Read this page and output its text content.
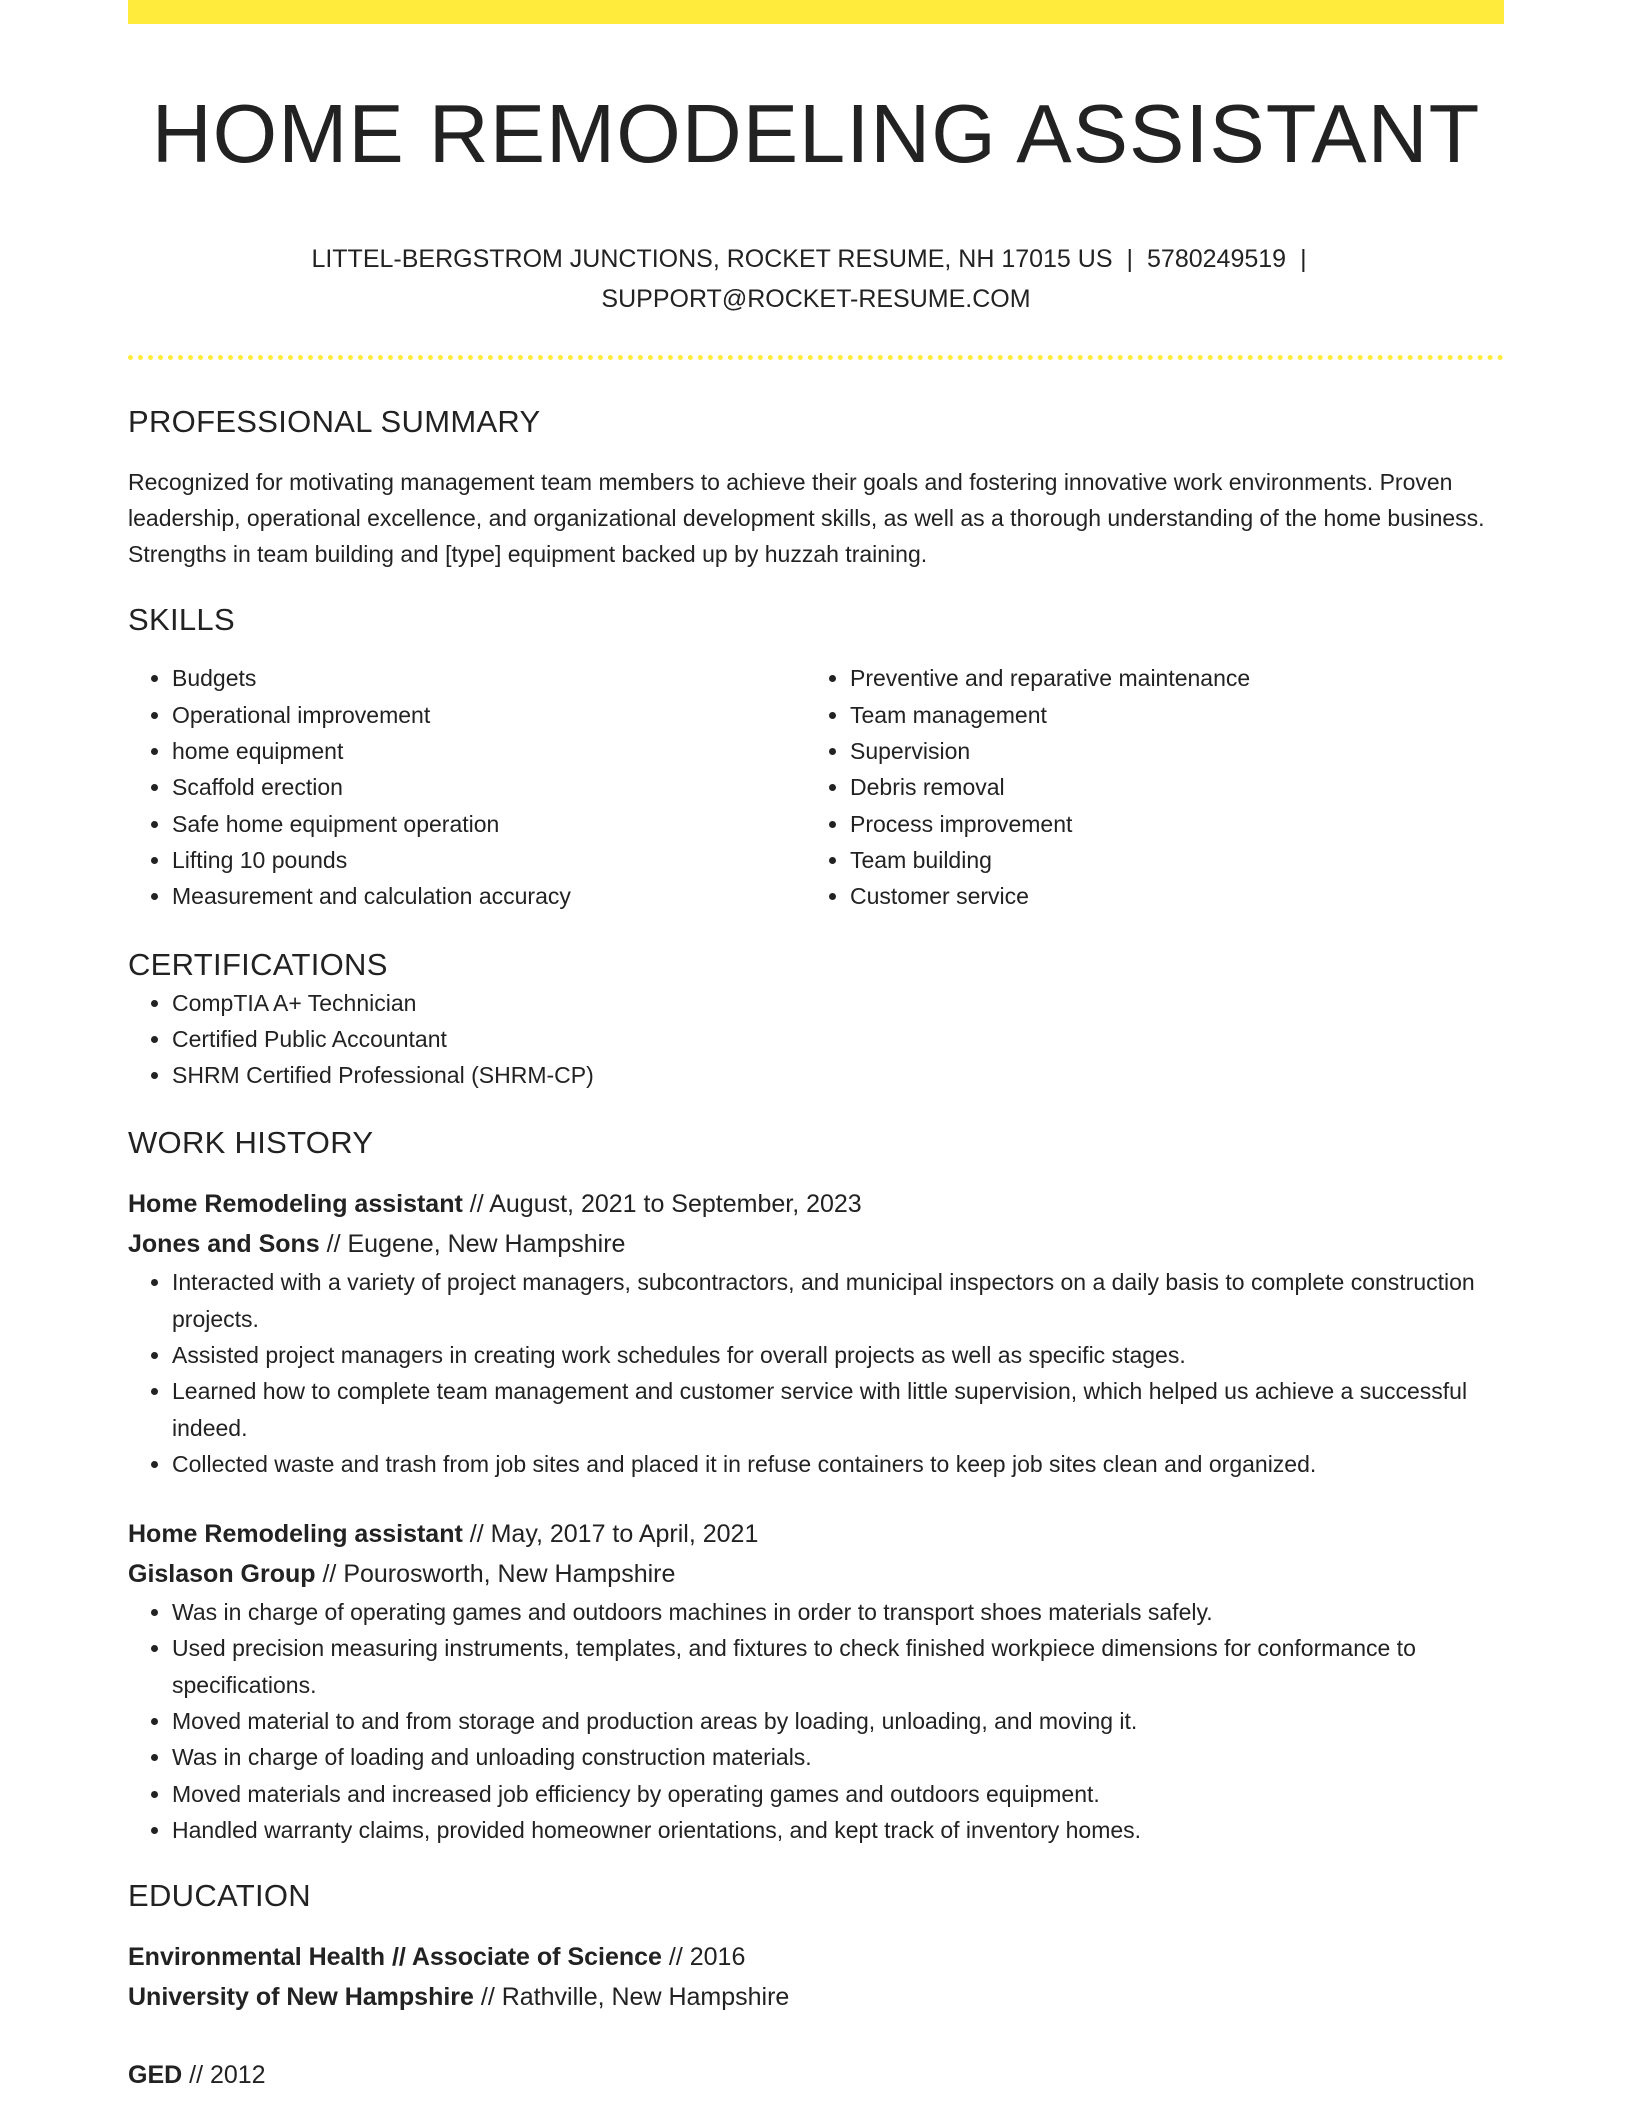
HOME REMODELING ASSISTANT
LITTEL-BERGSTROM JUNCTIONS, ROCKET RESUME, NH 17015 US | 5780249519 |
SUPPORT@ROCKET-RESUME.COM
PROFESSIONAL SUMMARY
Recognized for motivating management team members to achieve their goals and fostering innovative work environments. Proven leadership, operational excellence, and organizational development skills, as well as a thorough understanding of the home business. Strengths in team building and [type] equipment backed up by huzzah training.
SKILLS
• Budgets
• Operational improvement
• home equipment
• Scaffold erection
• Safe home equipment operation
• Lifting 10 pounds
• Measurement and calculation accuracy
• Preventive and reparative maintenance
• Team management
• Supervision
• Debris removal
• Process improvement
• Team building
• Customer service
CERTIFICATIONS
• CompTIA A+ Technician
• Certified Public Accountant
• SHRM Certified Professional (SHRM-CP)
WORK HISTORY
Home Remodeling assistant // August, 2021 to September, 2023
Jones and Sons // Eugene, New Hampshire
• Interacted with a variety of project managers, subcontractors, and municipal inspectors on a daily basis to complete construction projects.
• Assisted project managers in creating work schedules for overall projects as well as specific stages.
• Learned how to complete team management and customer service with little supervision, which helped us achieve a successful indeed.
• Collected waste and trash from job sites and placed it in refuse containers to keep job sites clean and organized.
Home Remodeling assistant // May, 2017 to April, 2021
Gislason Group // Pourosworth, New Hampshire
• Was in charge of operating games and outdoors machines in order to transport shoes materials safely.
• Used precision measuring instruments, templates, and fixtures to check finished workpiece dimensions for conformance to specifications.
• Moved material to and from storage and production areas by loading, unloading, and moving it.
• Was in charge of loading and unloading construction materials.
• Moved materials and increased job efficiency by operating games and outdoors equipment.
• Handled warranty claims, provided homeowner orientations, and kept track of inventory homes.
EDUCATION
Environmental Health // Associate of Science // 2016
University of New Hampshire // Rathville, New Hampshire
GED // 2012
